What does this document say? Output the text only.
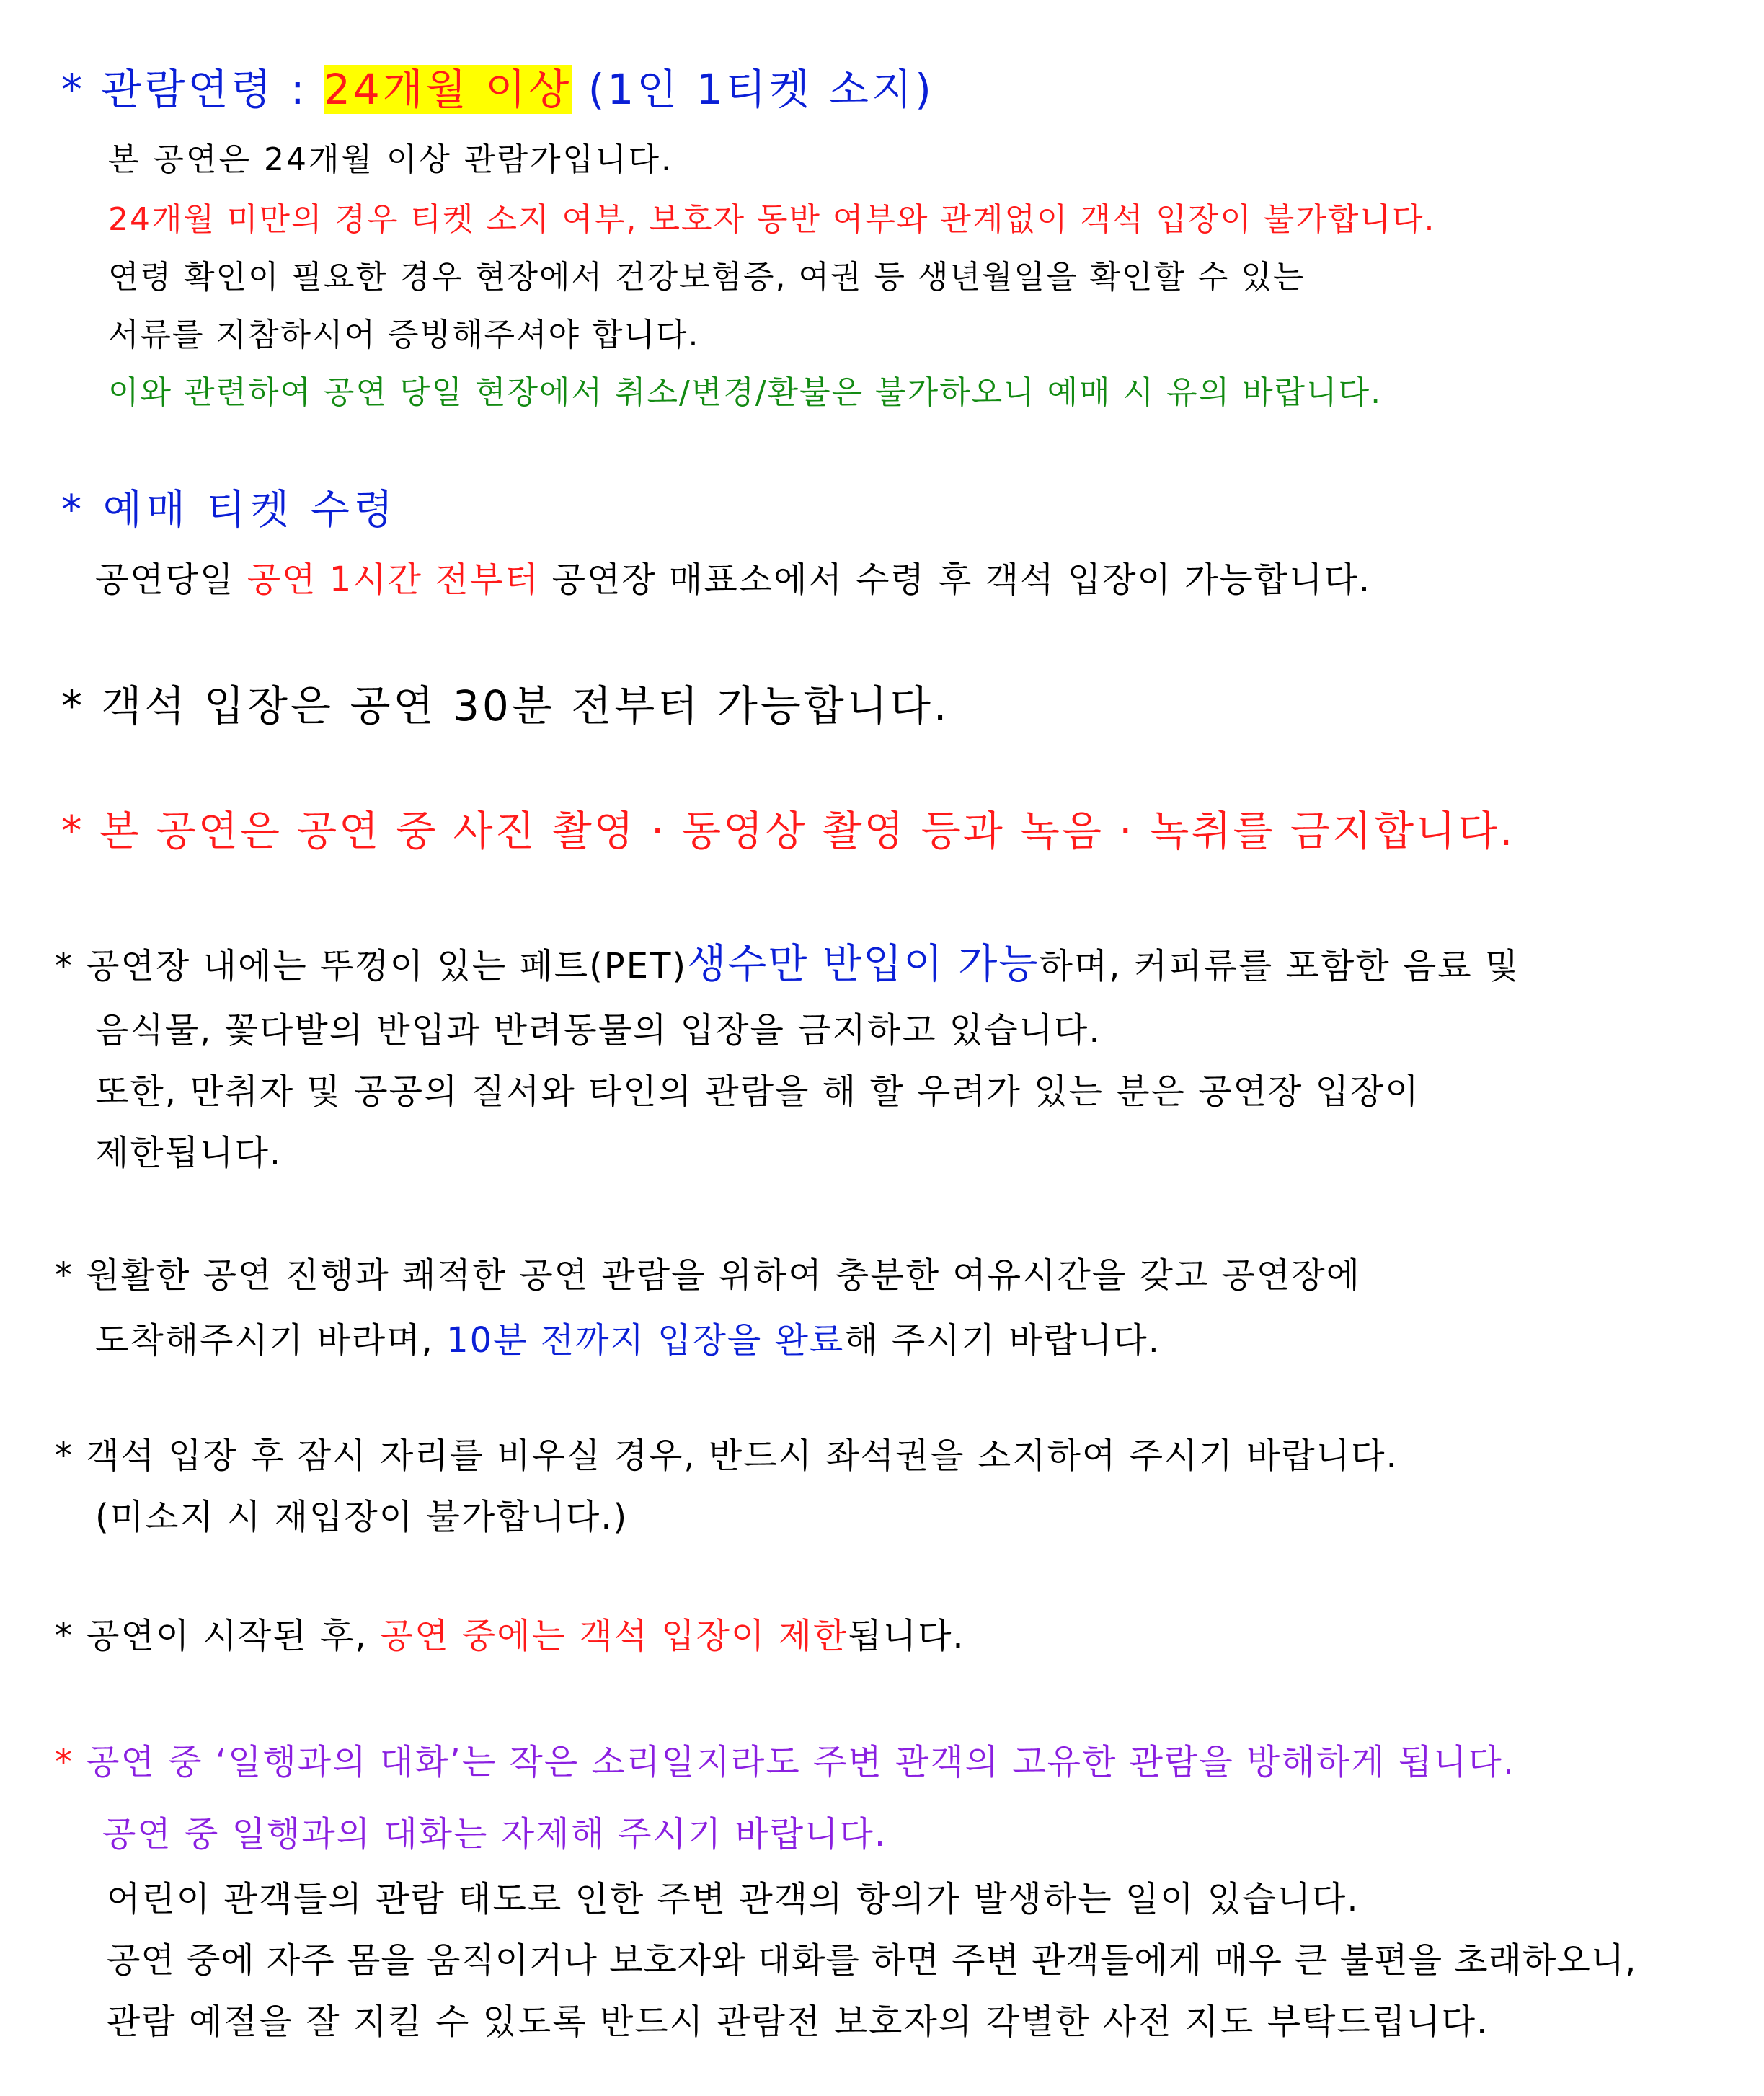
* 관람연령 : 24개월 이상 (1인 1티켓 소지)
본 공연은 24개월 이상 관람가입니다.
24개월 미만의 경우 티켓 소지 여부, 보호자 동반 여부와 관계없이 객석 입장이 불가합니다.
연령 확인이 필요한 경우 현장에서 건강보험증, 여권 등 생년월일을 확인할 수 있는
서류를 지참하시어 증빙해주셔야 합니다.
이와 관련하여 공연 당일 현장에서 취소/변경/환불은 불가하오니 예매 시 유의 바랍니다.
* 예매 티켓 수령
공연당일 공연 1시간 전부터 공연장 매표소에서 수령 후 객석 입장이 가능합니다.
* 객석 입장은 공연 30분 전부터 가능합니다.
* 본 공연은 공연 중 사진 촬영 · 동영상 촬영 등과 녹음 · 녹취를 금지합니다.
* 공연장 내에는 뚜껑이 있는 페트(PET)생수만 반입이 가능하며, 커피류를 포함한 음료 및
음식물, 꽃다발의 반입과 반려동물의 입장을 금지하고 있습니다.
또한, 만취자 및 공공의 질서와 타인의 관람을 해 할 우려가 있는 분은 공연장 입장이
제한됩니다.
* 원활한 공연 진행과 쾌적한 공연 관람을 위하여 충분한 여유시간을 갖고 공연장에
도착해주시기 바라며, 10분 전까지 입장을 완료해 주시기 바랍니다.
* 객석 입장 후 잠시 자리를 비우실 경우, 반드시 좌석권을 소지하여 주시기 바랍니다.
(미소지 시 재입장이 불가합니다.)
* 공연이 시작된 후, 공연 중에는 객석 입장이 제한됩니다.
* 공연 중 ‘일행과의 대화’는 작은 소리일지라도 주변 관객의 고유한 관람을 방해하게 됩니다.
공연 중 일행과의 대화는 자제해 주시기 바랍니다.
어린이 관객들의 관람 태도로 인한 주변 관객의 항의가 발생하는 일이 있습니다.
공연 중에 자주 몸을 움직이거나 보호자와 대화를 하면 주변 관객들에게 매우 큰 불편을 초래하오니,
관람 예절을 잘 지킬 수 있도록 반드시 관람전 보호자의 각별한 사전 지도 부탁드립니다.
